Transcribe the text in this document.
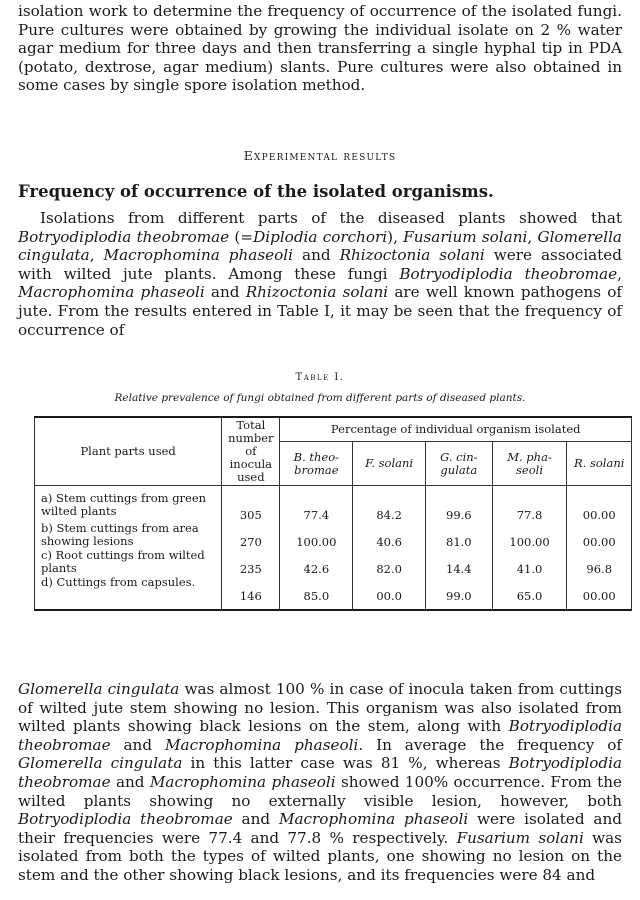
isolation work to determine the frequency of occurrence of the isolated fungi. Pure cultures were obtained by growing the individual isolate on 2 % water agar medium for three days and then transferring a single hyphal tip in PDA (potato, dextrose, agar medium) slants. Pure cultures were also obtained in some cases by single spore isolation method.

Experimental results

Frequency of occurrence of the isolated organisms.

Isolations from different parts of the diseased plants showed that Botryodiplodia theobromae (=Diplodia corchori), Fusarium solani, Glomerella cingulata, Macrophomina phaseoli and Rhizoctonia solani were associated with wilted jute plants. Among these fungi Botryodiplodia theobromae, Macrophomina phaseoli and Rhizoctonia solani are well known pathogens of jute. From the results entered in Table I, it may be seen that the frequency of occurrence of

Table I.

Relative prevalence of fungi obtained from different parts of diseased plants.

Plant parts used	Total number of inocula used	Percentage of individual organism isolated				
		B. theo-bromae	F. solani	G. cin-gulata	M. pha-seoli	R. solani
a) Stem cuttings from green wilted plants	305	77.4	84.2	99.6	77.8	00.00
b) Stem cuttings from area showing lesions	270	100.00	40.6	81.0	100.00	00.00
c) Root cuttings from wilted plants	235	42.6	82.0	14.4	41.0	96.8
d) Cuttings from capsules.	146	85.0	00.0	99.0	65.0	00.00

Glomerella cingulata was almost 100 % in case of inocula taken from cuttings of wilted jute stem showing no lesion. This organism was also isolated from wilted plants showing black lesions on the stem, along with Botryodiplodia theobromae and Macrophomina phaseoli. In average the frequency of Glomerella cingulata in this latter case was 81 %, whereas Botryodiplodia theobromae and Macrophomina phaseoli showed 100% occurrence. From the wilted plants showing no externally visible lesion, however, both Botryodiplodia theobromae and Macrophomina phaseoli were isolated and their frequencies were 77.4 and 77.8 % respectively. Fusarium solani was isolated from both the types of wilted plants, one showing no lesion on the stem and the other showing black lesions, and its frequencies were 84 and
